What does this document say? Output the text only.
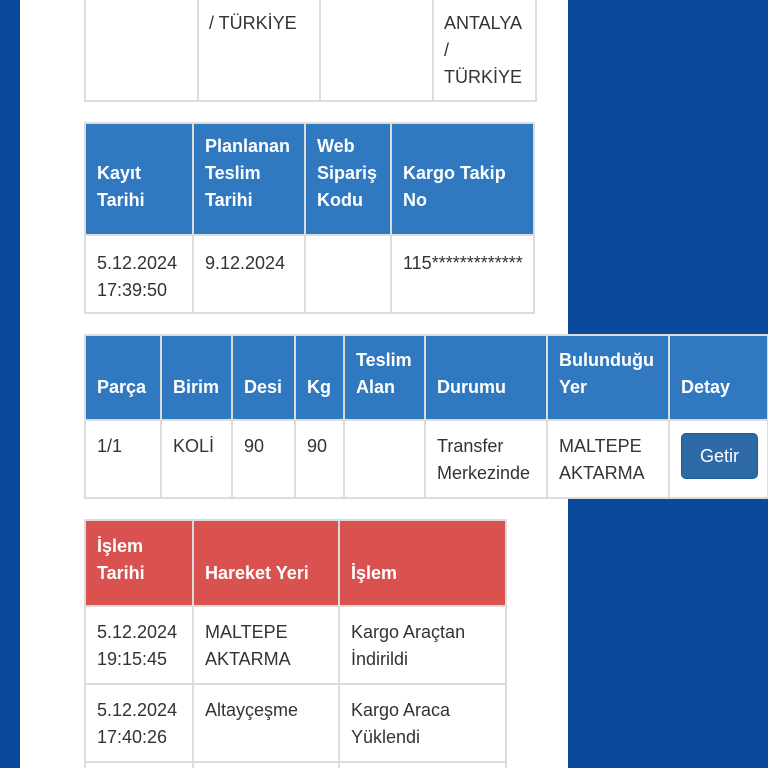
	/ TÜRKİYE		ANTALYA
/
TÜRKİYE
Kayıt Tarihi	Planlanan Teslim Tarihi	Web Sipariş Kodu	Kargo Takip No
5.12.2024 17:39:50	9.12.2024		115*************
Parça	Birim	Desi	Kg	Teslim Alan	Durumu	Bulunduğu Yer	Detay
1/1	KOLİ	90	90		Transfer Merkezinde	MALTEPE AKTARMA	Getir
İşlem Tarihi	Hareket Yeri	İşlem
5.12.2024 19:15:45	MALTEPE AKTARMA	Kargo Araçtan İndirildi
5.12.2024 17:40:26	Altayçeşme	Kargo Araca Yüklendi
